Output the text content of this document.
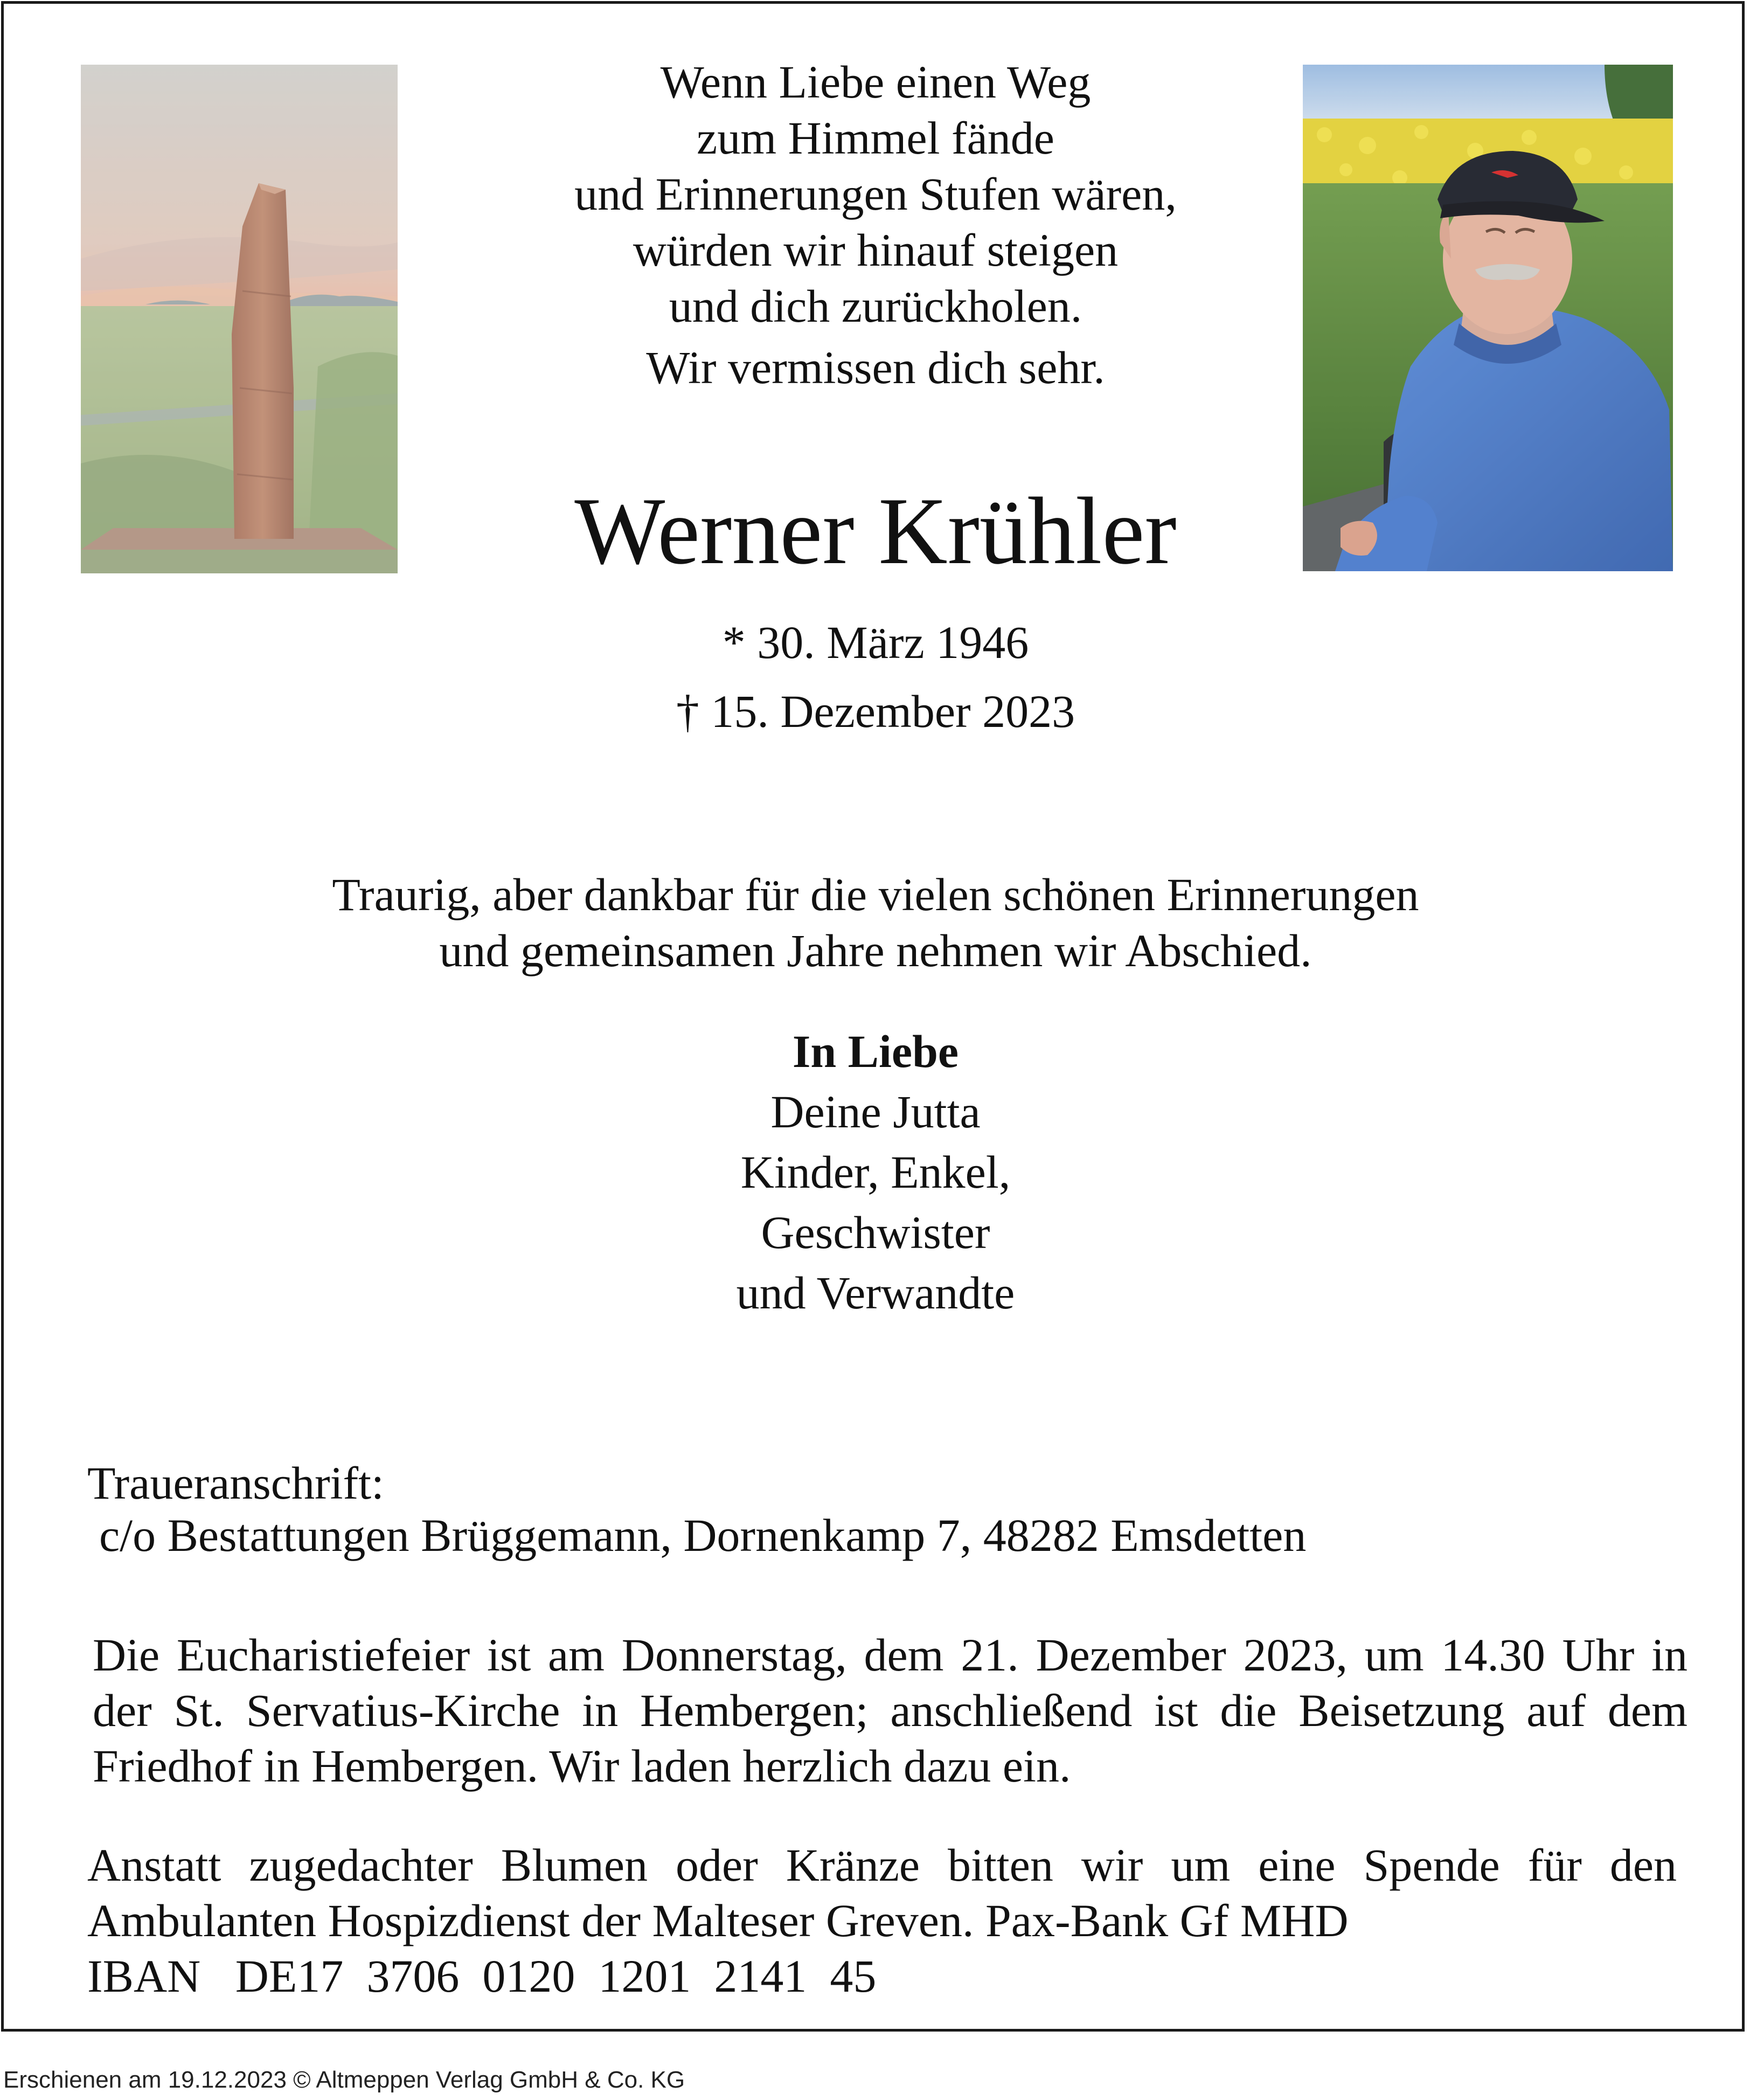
Wenn Liebe einen Weg
zum Himmel fände
und Erinnerungen Stufen wären,
würden wir hinauf steigen
und dich zurückholen.
Wir vermissen dich sehr.
Werner Krühler
* 30. März 1946
† 15. Dezember 2023
Traurig, aber dankbar für die vielen schönen Erinnerungen
und gemeinsamen Jahre nehmen wir Abschied.
In Liebe
Deine Jutta
Kinder, Enkel,
Geschwister
und Verwandte
Traueranschrift:
c/o Bestattungen Brüggemann, Dornenkamp 7, 48282 Emsdetten
Die Eucharistiefeier ist am Donnerstag, dem 21. Dezember 2023, um 14.30 Uhr in
der St. Servatius-Kirche in Hembergen; anschließend ist die Beisetzung auf dem
Friedhof in Hembergen. Wir laden herzlich dazu ein.
Anstatt zugedachter Blumen oder Kränze bitten wir um eine Spende für den
Ambulanten Hospizdienst der Malteser Greven. Pax-Bank Gf MHD
IBAN   DE17  3706  0120  1201  2141  45
Erschienen am 19.12.2023 © Altmeppen Verlag GmbH & Co. KG
